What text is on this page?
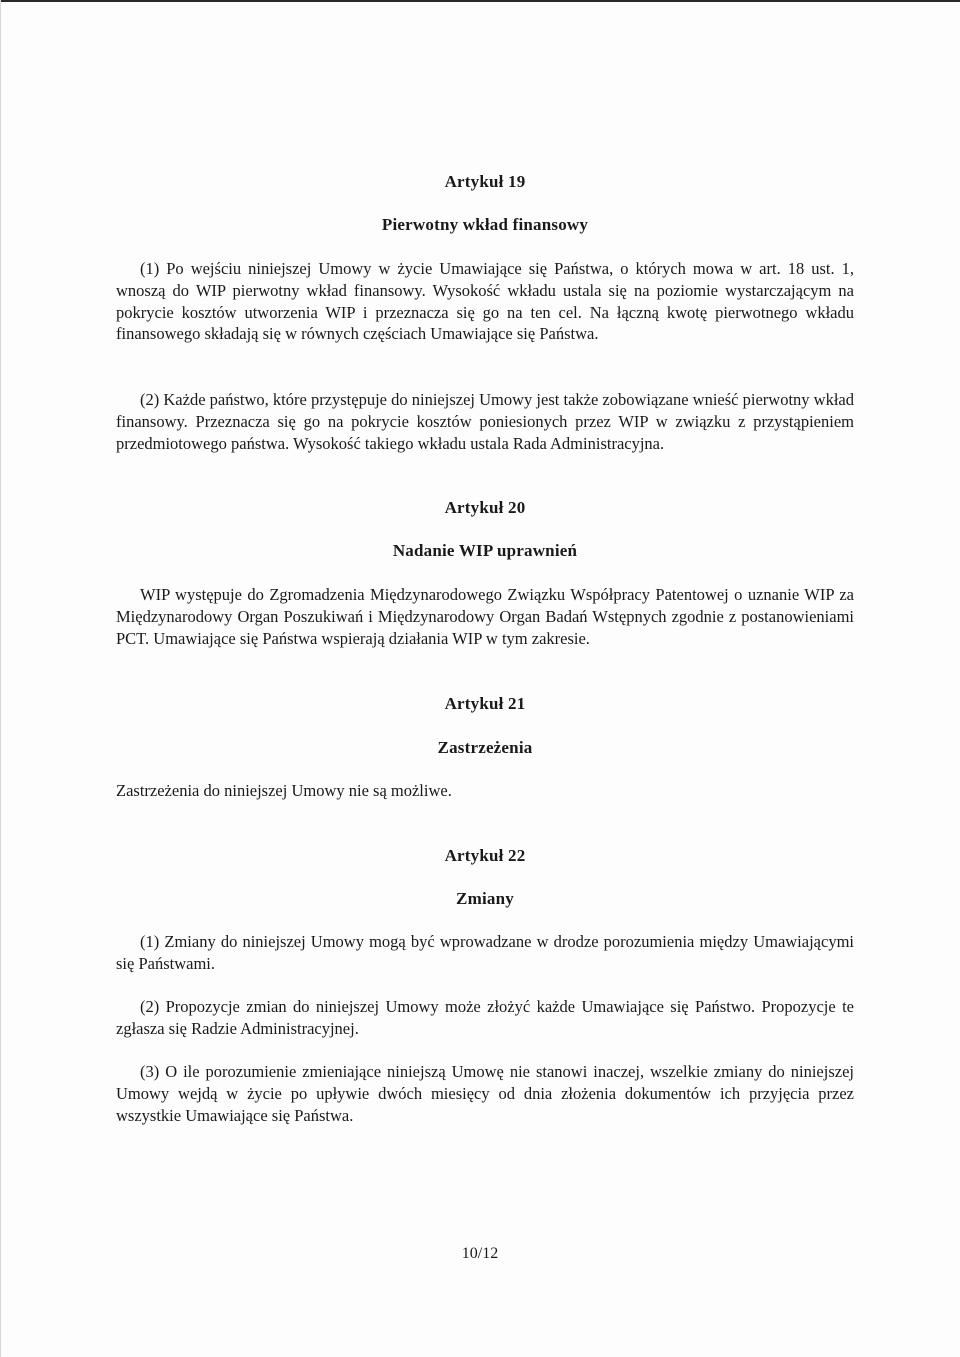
Artykuł 19
Pierwotny wkład finansowy

(1) Po wejściu niniejszej Umowy w życie Umawiające się Państwa, o których mowa w art. 18 ust. 1, wnoszą do WIP pierwotny wkład finansowy. Wysokość wkładu ustala się na poziomie wystarczającym na pokrycie kosztów utworzenia WIP i przeznacza się go na ten cel. Na łączną kwotę pierwotnego wkładu finansowego składają się w równych częściach Umawiające się Państwa.

(2) Każde państwo, które przystępuje do niniejszej Umowy jest także zobowiązane wnieść pierwotny wkład finansowy. Przeznacza się go na pokrycie kosztów poniesionych przez WIP w związku z przystąpieniem przedmiotowego państwa. Wysokość takiego wkładu ustala Rada Administracyjna.

Artykuł 20
Nadanie WIP uprawnień

WIP występuje do Zgromadzenia Międzynarodowego Związku Współpracy Patentowej o uznanie WIP za Międzynarodowy Organ Poszukiwań i Międzynarodowy Organ Badań Wstępnych zgodnie z postanowieniami PCT. Umawiające się Państwa wspierają działania WIP w tym zakresie.

Artykuł 21
Zastrzeżenia

Zastrzeżenia do niniejszej Umowy nie są możliwe.

Artykuł 22
Zmiany

(1) Zmiany do niniejszej Umowy mogą być wprowadzane w drodze porozumienia między Umawiającymi się Państwami.

(2) Propozycje zmian do niniejszej Umowy może złożyć każde Umawiające się Państwo. Propozycje te zgłasza się Radzie Administracyjnej.

(3) O ile porozumienie zmieniające niniejszą Umowę nie stanowi inaczej, wszelkie zmiany do niniejszej Umowy wejdą w życie po upływie dwóch miesięcy od dnia złożenia dokumentów ich przyjęcia przez wszystkie Umawiające się Państwa.

10/12
